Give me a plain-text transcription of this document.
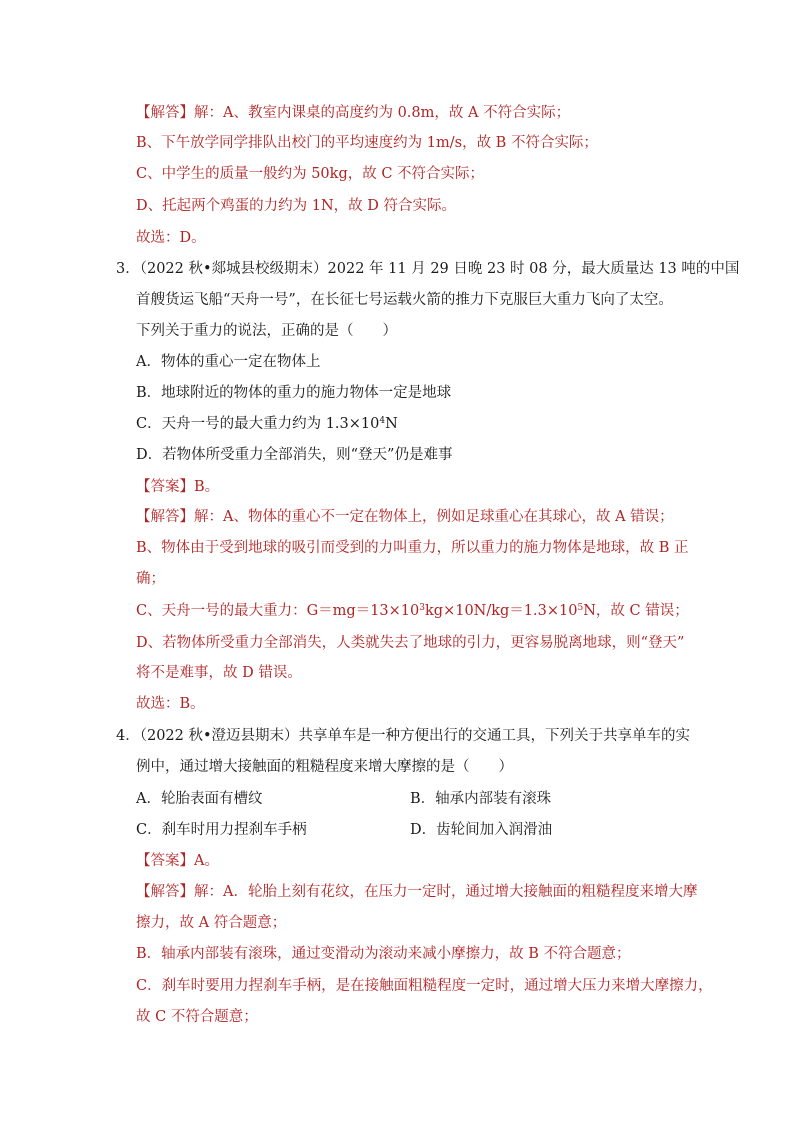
【解答】解：A、教室内课桌的高度约为 0.8m，故 A 不符合实际；
B、下午放学同学排队出校门的平均速度约为 1m/s，故 B 不符合实际；
C、中学生的质量一般约为 50kg，故 C 不符合实际；
D、托起两个鸡蛋的力约为 1N，故 D 符合实际。
故选：D。
3．（2022 秋•郯城县校级期末）2022 年 11 月 29 日晚 23 时 08 分，最大质量达 13 吨的中国
首艘货运飞船“天舟一号”，在长征七号运载火箭的推力下克服巨大重力飞向了太空。
下列关于重力的说法，正确的是（　　）
A．物体的重心一定在物体上
B．地球附近的物体的重力的施力物体一定是地球
C．天舟一号的最大重力约为 $1.3\times 10^4N$
D．若物体所受重力全部消失，则“登天”仍是难事
【答案】B。
【解答】解：A、物体的重心不一定在物体上，例如足球重心在其球心，故 A 错误；
B、物体由于受到地球的吸引而受到的力叫重力，所以重力的施力物体是地球，故 B 正
确；
C、天舟一号的最大重力：$G=mg=13\times 10^3kg\times 10N/kg=1.3\times 10^5N$，故 C 错误；
D、若物体所受重力全部消失，人类就失去了地球的引力，更容易脱离地球，则“登天”
将不是难事，故 D 错误。
故选：B。
4．（2022 秋•澄迈县期末）共享单车是一种方便出行的交通工具，下列关于共享单车的实
例中，通过增大接触面的粗糙程度来增大摩擦的是（　　）
A．轮胎表面有槽纹	B．轴承内部装有滚珠
C．刹车时用力捏刹车手柄	D．齿轮间加入润滑油
【答案】A。
【解答】解：A．轮胎上刻有花纹，在压力一定时，通过增大接触面的粗糙程度来增大摩
擦力，故 A 符合题意；
B．轴承内部装有滚珠，通过变滑动为滚动来减小摩擦力，故 B 不符合题意；
C．刹车时要用力捏刹车手柄，是在接触面粗糙程度一定时，通过增大压力来增大摩擦力，
故 C 不符合题意；
